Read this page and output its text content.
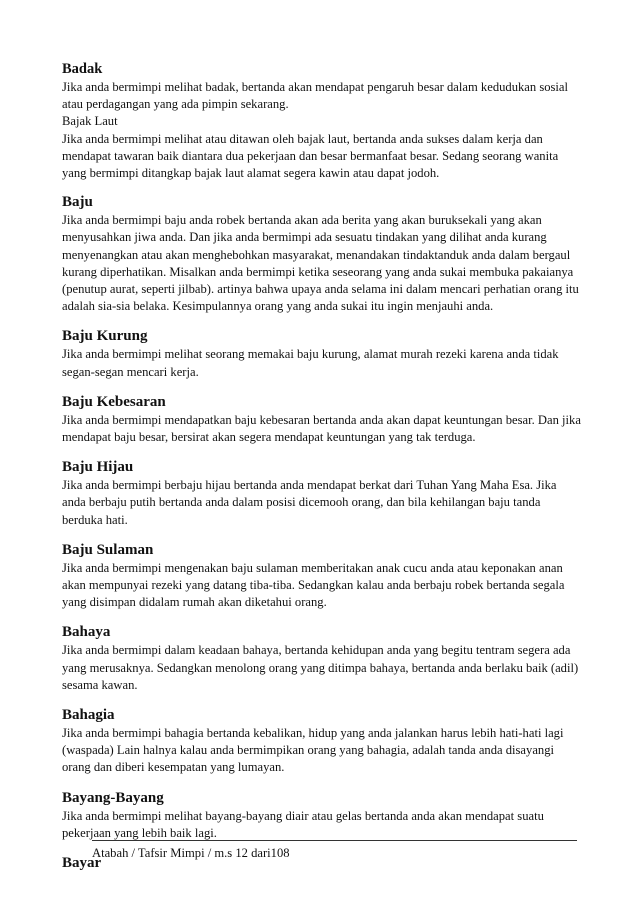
Badak

Jika anda bermimpi melihat badak, bertanda akan mendapat pengaruh besar dalam kedudukan sosial atau perdagangan yang ada pimpin sekarang.

Bajak Laut

Jika anda bermimpi melihat atau ditawan oleh bajak laut, bertanda anda sukses dalam kerja dan mendapat tawaran baik diantara dua pekerjaan dan besar bermanfaat besar. Sedang seorang wanita yang bermimpi ditangkap bajak laut alamat segera kawin atau dapat jodoh.

Baju

Jika anda bermimpi baju anda robek bertanda akan ada berita yang akan buruksekali yang akan menyusahkan jiwa anda. Dan jika anda bermimpi ada sesuatu tindakan yang dilihat anda kurang menyenangkan atau akan menghebohkan masyarakat, menandakan tindaktanduk anda dalam bergaul kurang diperhatikan. Misalkan anda bermimpi ketika seseorang yang anda sukai membuka pakaianya (penutup aurat, seperti jilbab). artinya bahwa upaya anda selama ini dalam mencari perhatian orang itu adalah sia-sia belaka. Kesimpulannya orang yang anda sukai itu ingin menjauhi anda.

Baju Kurung

Jika anda bermimpi melihat seorang memakai baju kurung, alamat murah rezeki karena anda tidak segan-segan mencari kerja.

Baju Kebesaran

Jika anda bermimpi mendapatkan baju kebesaran bertanda anda akan dapat keuntungan besar. Dan jika mendapat baju besar, bersirat akan segera mendapat keuntungan yang tak terduga.

Baju Hijau

Jika anda bermimpi berbaju hijau bertanda anda mendapat berkat dari Tuhan Yang Maha Esa. Jika anda berbaju putih bertanda anda dalam posisi dicemooh orang, dan bila kehilangan baju tanda berduka hati.

Baju Sulaman

Jika anda bermimpi mengenakan baju sulaman memberitakan anak cucu anda atau keponakan anan akan mempunyai rezeki yang datang tiba-tiba. Sedangkan kalau anda berbaju robek bertanda segala yang disimpan didalam rumah akan diketahui orang.

Bahaya

Jika anda bermimpi dalam keadaan bahaya, bertanda kehidupan anda yang begitu tentram segera ada yang merusaknya. Sedangkan menolong orang yang ditimpa bahaya, bertanda anda berlaku baik (adil) sesama kawan.

Bahagia

Jika anda bermimpi bahagia bertanda kebalikan, hidup yang anda jalankan harus lebih hati-hati lagi (waspada) Lain halnya kalau anda bermimpikan orang yang bahagia, adalah tanda anda disayangi orang dan diberi kesempatan yang lumayan.

Bayang-Bayang

Jika anda bermimpi melihat bayang-bayang diair atau gelas bertanda anda akan mendapat suatu pekerjaan yang lebih baik lagi.

Bayar

Atabah / Tafsir Mimpi / m.s 12 dari108
